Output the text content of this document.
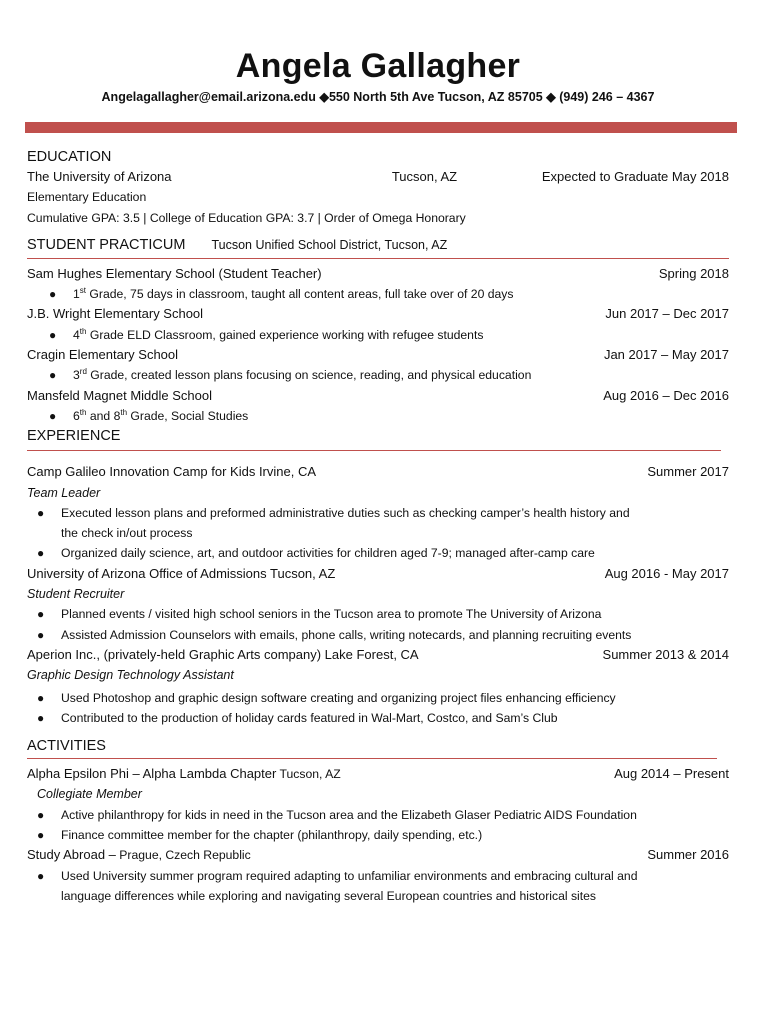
Angela Gallagher
Angelagallagher@email.arizona.edu ◆550 North 5th Ave Tucson, AZ 85705 ◆ (949) 246 – 4367
EDUCATION
The University of Arizona	Tucson, AZ	Expected to Graduate May 2018
Elementary Education
Cumulative GPA: 3.5 | College of Education GPA: 3.7 | Order of Omega Honorary
STUDENT PRACTICUM Tucson Unified School District, Tucson, AZ
Sam Hughes Elementary School (Student Teacher)	Spring 2018
● 1st Grade, 75 days in classroom, taught all content areas, full take over of 20 days
J.B. Wright Elementary School	Jun 2017 – Dec 2017
● 4th Grade ELD Classroom, gained experience working with refugee students
Cragin Elementary School	Jan 2017 – May 2017
● 3rd Grade, created lesson plans focusing on science, reading, and physical education
Mansfeld Magnet Middle School	Aug 2016 – Dec 2016
● 6th and 8th Grade, Social Studies
EXPERIENCE
Camp Galileo Innovation Camp for Kids Irvine, CA	Summer 2017
Team Leader
● Executed lesson plans and preformed administrative duties such as checking camper’s health history and
the check in/out process
● Organized daily science, art, and outdoor activities for children aged 7-9; managed after-camp care
University of Arizona Office of Admissions Tucson, AZ	Aug 2016 - May 2017
Student Recruiter
● Planned events / visited high school seniors in the Tucson area to promote The University of Arizona
● Assisted Admission Counselors with emails, phone calls, writing notecards, and planning recruiting events
Aperion Inc., (privately-held Graphic Arts company) Lake Forest, CA	Summer 2013 & 2014
Graphic Design Technology Assistant
● Used Photoshop and graphic design software creating and organizing project files enhancing efficiency
● Contributed to the production of holiday cards featured in Wal-Mart, Costco, and Sam’s Club
ACTIVITIES
Alpha Epsilon Phi – Alpha Lambda Chapter Tucson, AZ	Aug 2014 – Present
Collegiate Member
● Active philanthropy for kids in need in the Tucson area and the Elizabeth Glaser Pediatric AIDS Foundation
● Finance committee member for the chapter (philanthropy, daily spending, etc.)
Study Abroad – Prague, Czech Republic	Summer 2016
● Used University summer program required adapting to unfamiliar environments and embracing cultural and
language differences while exploring and navigating several European countries and historical sites
